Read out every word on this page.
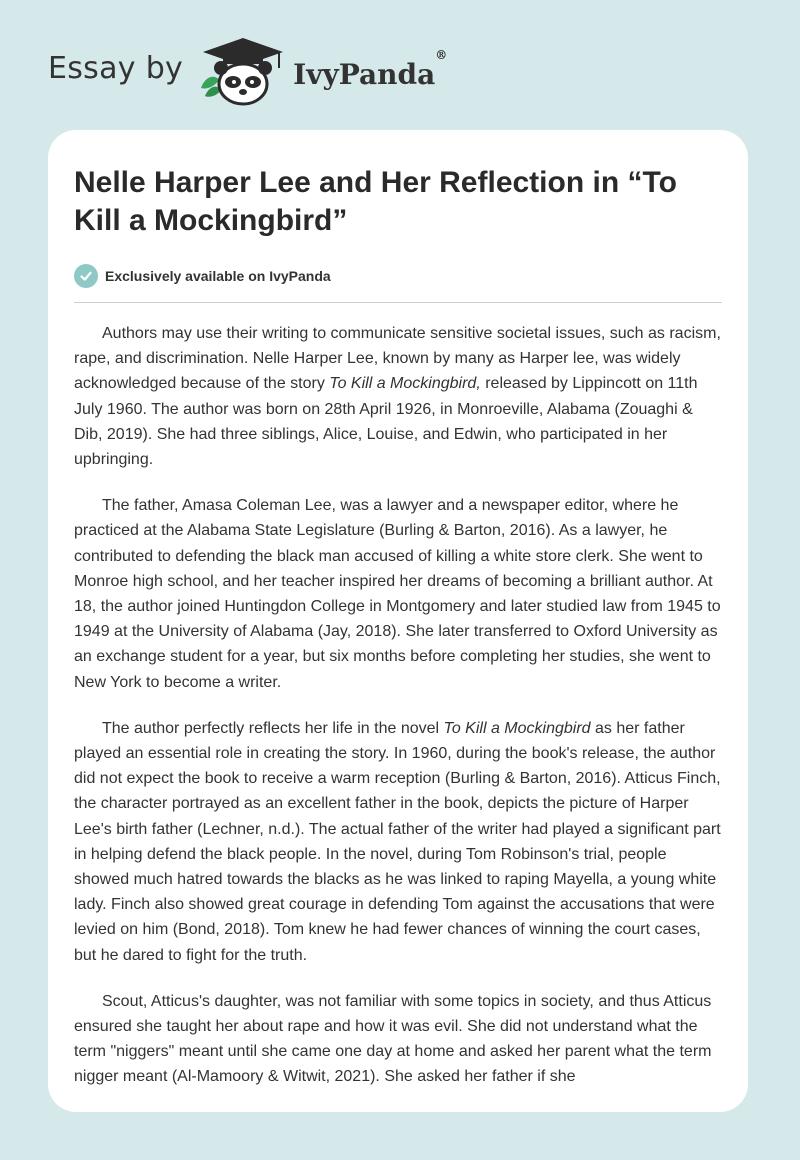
Essay by	IvyPanda®
Nelle Harper Lee and Her Reflection in “To Kill a Mockingbird”
Exclusively available on IvyPanda

Authors may use their writing to communicate sensitive societal issues, such as racism, rape, and discrimination. Nelle Harper Lee, known by many as Harper lee, was widely acknowledged because of the story To Kill a Mockingbird, released by Lippincott on 11th July 1960. The author was born on 28th April 1926, in Monroeville, Alabama (Zouaghi & Dib, 2019). She had three siblings, Alice, Louise, and Edwin, who participated in her upbringing.

The father, Amasa Coleman Lee, was a lawyer and a newspaper editor, where he practiced at the Alabama State Legislature (Burling & Barton, 2016). As a lawyer, he contributed to defending the black man accused of killing a white store clerk. She went to Monroe high school, and her teacher inspired her dreams of becoming a brilliant author. At 18, the author joined Huntingdon College in Montgomery and later studied law from 1945 to 1949 at the University of Alabama (Jay, 2018). She later transferred to Oxford University as an exchange student for a year, but six months before completing her studies, she went to New York to become a writer.

The author perfectly reflects her life in the novel To Kill a Mockingbird as her father played an essential role in creating the story. In 1960, during the book's release, the author did not expect the book to receive a warm reception (Burling & Barton, 2016). Atticus Finch, the character portrayed as an excellent father in the book, depicts the picture of Harper Lee's birth father (Lechner, n.d.). The actual father of the writer had played a significant part in helping defend the black people. In the novel, during Tom Robinson's trial, people showed much hatred towards the blacks as he was linked to raping Mayella, a young white lady. Finch also showed great courage in defending Tom against the accusations that were levied on him (Bond, 2018). Tom knew he had fewer chances of winning the court cases, but he dared to fight for the truth.

Scout, Atticus's daughter, was not familiar with some topics in society, and thus Atticus ensured she taught her about rape and how it was evil. She did not understand what the term "niggers" meant until she came one day at home and asked her parent what the term nigger meant (Al-Mamoory & Witwit, 2021). She asked her father if she
